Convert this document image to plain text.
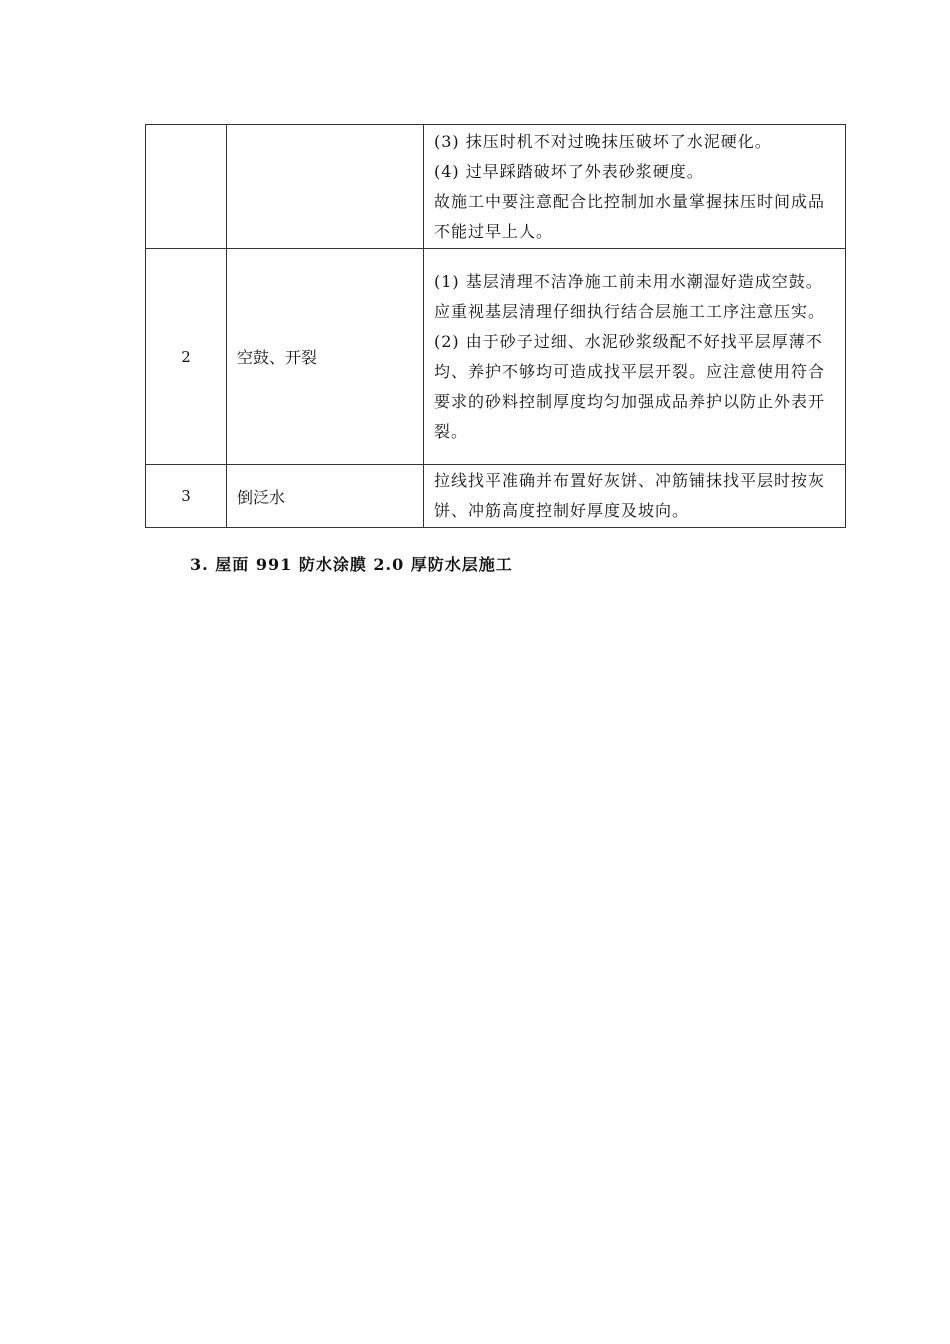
		(3) 抹压时机不对过晚抹压破坏了水泥硬化。

(4) 过早踩踏破坏了外表砂浆硬度。

故施工中要注意配合比控制加水量掌握抹压时间成品不能过早上人。

2	空鼓、开裂	(1) 基层清理不洁净施工前未用水潮湿好造成空鼓。应重视基层清理仔细执行结合层施工工序注意压实。

(2) 由于砂子过细、水泥砂浆级配不好找平层厚薄不均、养护不够均可造成找平层开裂。应注意使用符合要求的砂料控制厚度均匀加强成品养护以防止外表开裂。

3	倒泛水	拉线找平准确并布置好灰饼、冲筋铺抹找平层时按灰饼、冲筋高度控制好厚度及坡向。

3. 屋面 991 防水涂膜 2.0 厚防水层施工
